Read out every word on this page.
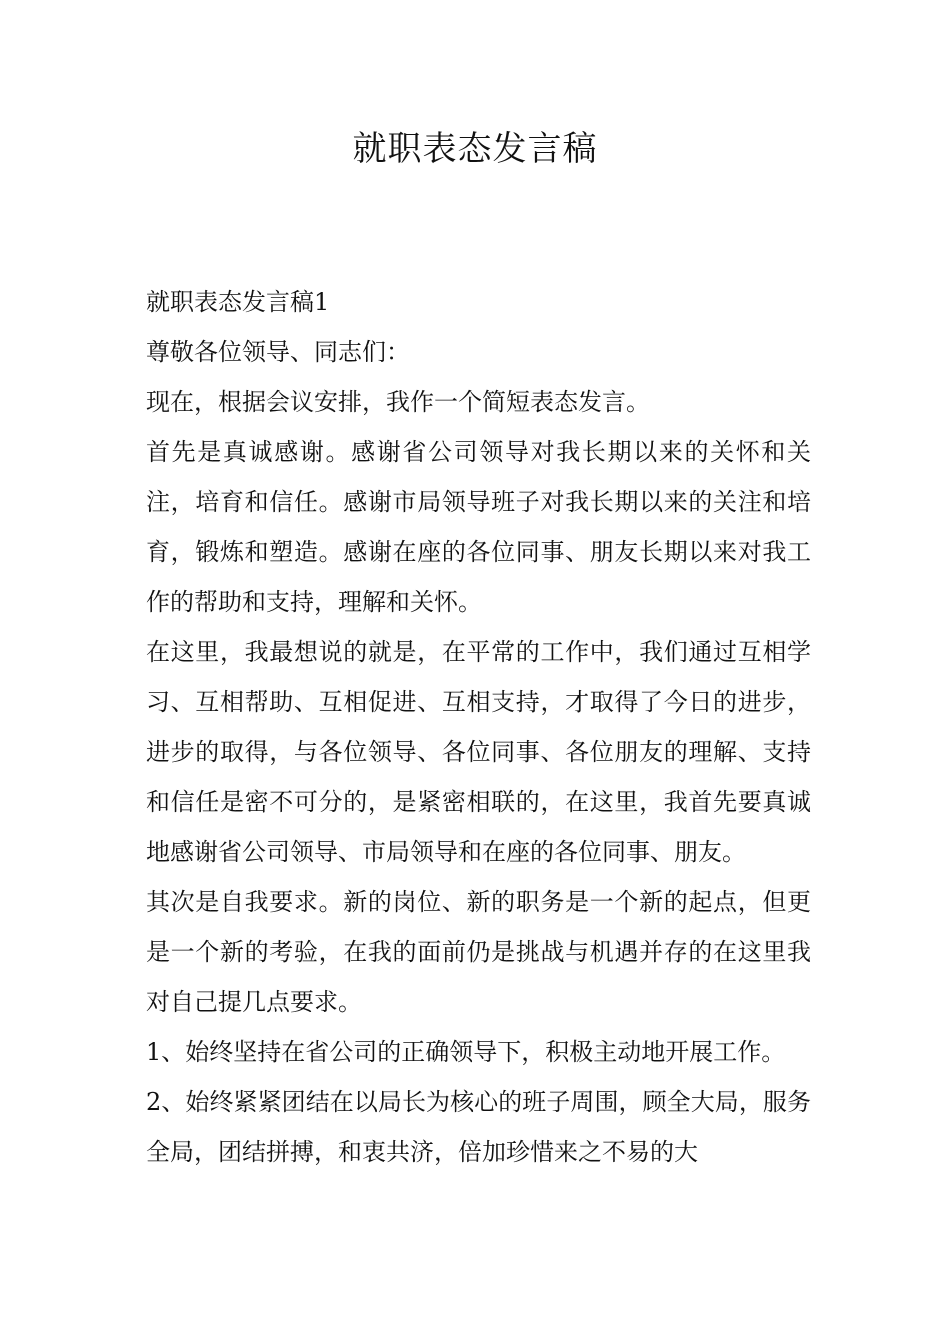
就职表态发言稿

就职表态发言稿1

尊敬各位领导、同志们：

现在，根据会议安排，我作一个简短表态发言。

首先是真诚感谢。感谢省公司领导对我长期以来的关怀和关注，培育和信任。感谢市局领导班子对我长期以来的关注和培育，锻炼和塑造。感谢在座的各位同事、朋友长期以来对我工作的帮助和支持，理解和关怀。

在这里，我最想说的就是，在平常的工作中，我们通过互相学习、互相帮助、互相促进、互相支持，才取得了今日的进步，进步的取得，与各位领导、各位同事、各位朋友的理解、支持和信任是密不可分的，是紧密相联的，在这里，我首先要真诚地感谢省公司领导、市局领导和在座的各位同事、朋友。

其次是自我要求。新的岗位、新的职务是一个新的起点，但更是一个新的考验，在我的面前仍是挑战与机遇并存的在这里我对自己提几点要求。

1、始终坚持在省公司的正确领导下，积极主动地开展工作。

2、始终紧紧团结在以局长为核心的班子周围，顾全大局，服务全局，团结拼搏，和衷共济，倍加珍惜来之不易的大
